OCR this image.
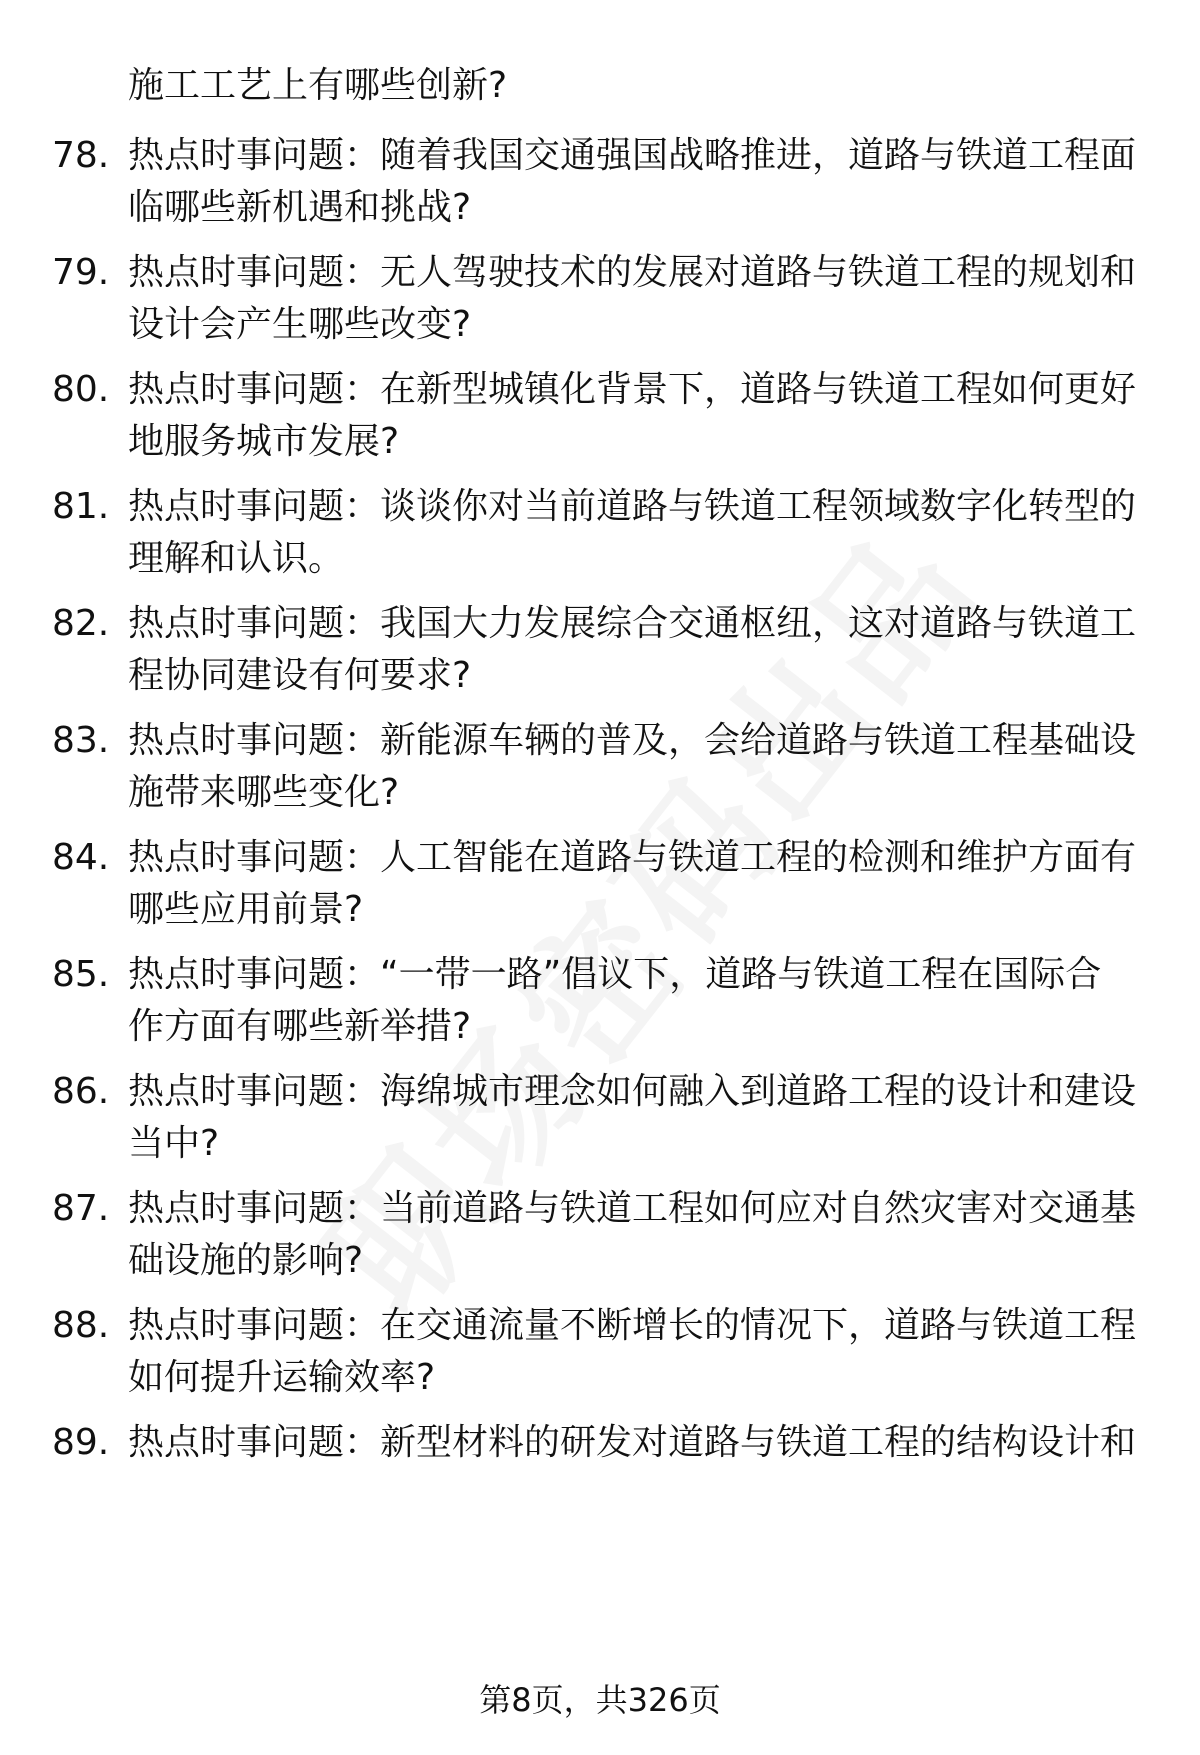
施工工艺上有哪些创新?
78. 热点时事问题：随着我国交通强国战略推进，道路与铁道工程面
临哪些新机遇和挑战?
79. 热点时事问题：无人驾驶技术的发展对道路与铁道工程的规划和
设计会产生哪些改变?
80. 热点时事问题：在新型城镇化背景下，道路与铁道工程如何更好
地服务城市发展?
81. 热点时事问题：谈谈你对当前道路与铁道工程领域数字化转型的
理解和认识。
82. 热点时事问题：我国大力发展综合交通枢纽，这对道路与铁道工
程协同建设有何要求?
83. 热点时事问题：新能源车辆的普及，会给道路与铁道工程基础设
施带来哪些变化?
84. 热点时事问题：人工智能在道路与铁道工程的检测和维护方面有
哪些应用前景?
85. 热点时事问题：“一带一路”倡议下，道路与铁道工程在国际合
作方面有哪些新举措?
86. 热点时事问题：海绵城市理念如何融入到道路工程的设计和建设
当中?
87. 热点时事问题：当前道路与铁道工程如何应对自然灾害对交通基
础设施的影响?
88. 热点时事问题：在交通流量不断增长的情况下，道路与铁道工程
如何提升运输效率?
89. 热点时事问题：新型材料的研发对道路与铁道工程的结构设计和
第8页，共326页
